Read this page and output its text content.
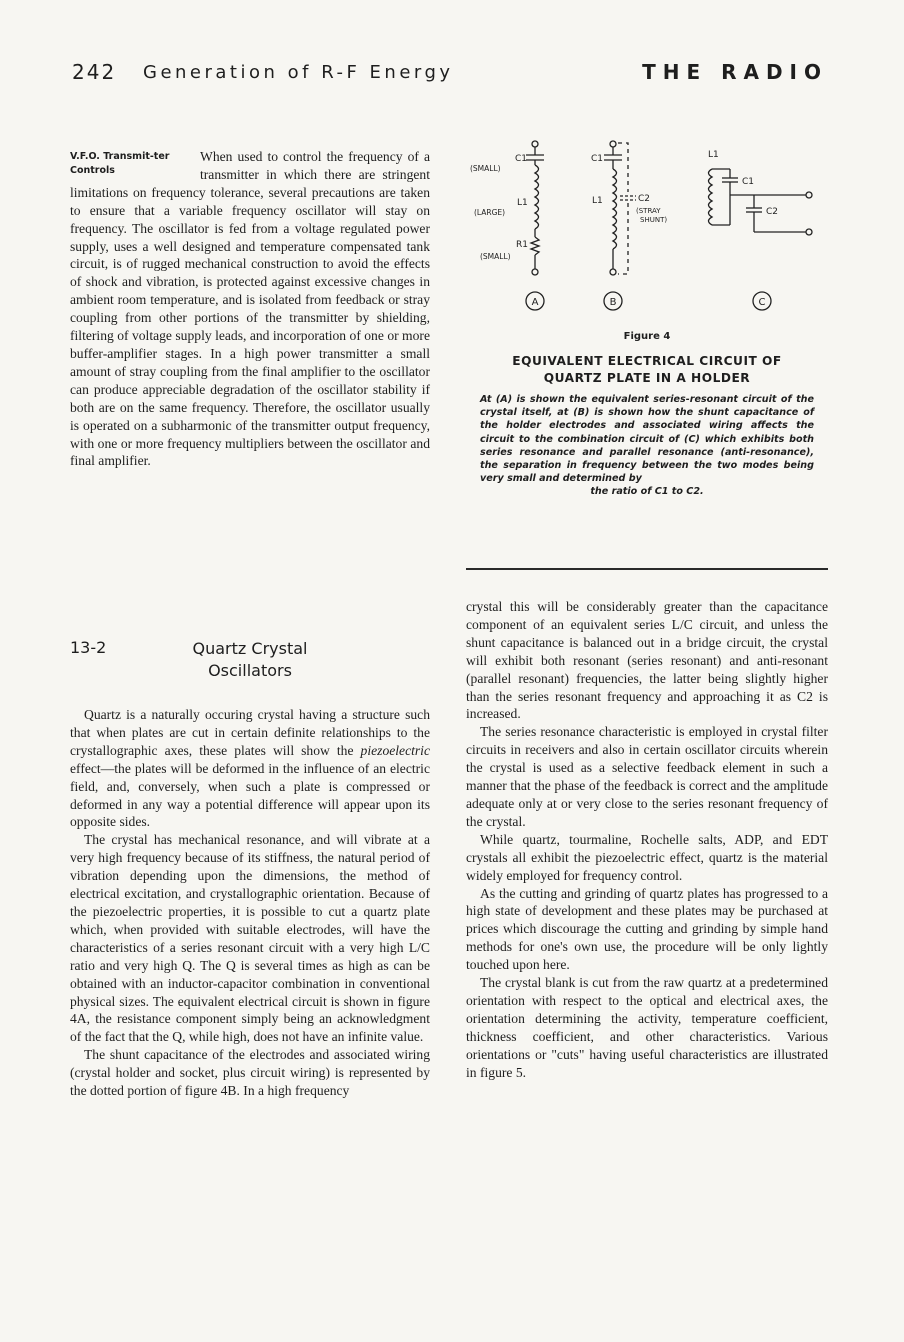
242 Generation of R-F Energy	THE RADIO
V.F.O. Transmit-ter Controls
When used to control the frequency of a transmitter in which there are stringent limitations on frequency tolerance, several precautions are taken to ensure that a variable frequency oscillator will stay on frequency. The oscillator is fed from a voltage regulated power supply, uses a well designed and temperature compensated tank circuit, is of rugged mechanical construction to avoid the effects of shock and vibration, is protected against excessive changes in ambient room temperature, and is isolated from feedback or stray coupling from other portions of the transmitter by shielding, filtering of voltage supply leads, and incorporation of one or more buffer-amplifier stages. In a high power transmitter a small amount of stray coupling from the final amplifier to the oscillator can produce appreciable degradation of the oscillator stability if both are on the same frequency. Therefore, the oscillator usually is operated on a subharmonic of the transmitter output frequency, with one or more frequency multipliers between the oscillator and final amplifier.
13-2	Quartz Crystal
Oscillators

Quartz is a naturally occuring crystal having a structure such that when plates are cut in certain definite relationships to the crystallographic axes, these plates will show the piezoelectric effect—the plates will be deformed in the influence of an electric field, and, conversely, when such a plate is compressed or deformed in any way a potential difference will appear upon its opposite sides.

The crystal has mechanical resonance, and will vibrate at a very high frequency because of its stiffness, the natural period of vibration depending upon the dimensions, the method of electrical excitation, and crystallographic orientation. Because of the piezoelectric properties, it is possible to cut a quartz plate which, when provided with suitable electrodes, will have the characteristics of a series resonant circuit with a very high L/C ratio and very high Q. The Q is several times as high as can be obtained with an inductor-capacitor combination in conventional physical sizes. The equivalent electrical circuit is shown in figure 4A, the resistance component simply being an acknowledgment of the fact that the Q, while high, does not have an infinite value.

The shunt capacitance of the electrodes and associated wiring (crystal holder and socket, plus circuit wiring) is represented by the dotted portion of figure 4B. In a high frequency

C1
(SMALL)
L1
(LARGE)
R1
(SMALL)
A
C1
L1	C2
(STRAY
SHUNT)
B
L1
C1
C2
C
Figure 4
EQUIVALENT ELECTRICAL CIRCUIT OF
QUARTZ PLATE IN A HOLDER
At (A) is shown the equivalent series-resonant circuit of the crystal itself, at (B) is shown how the shunt capacitance of the holder electrodes and associated wiring affects the circuit to the combination circuit of (C) which exhibits both series resonance and parallel resonance (anti-resonance), the separation in frequency between the two modes being very small and determined by
the ratio of C1 to C2.

crystal this will be considerably greater than the capacitance component of an equivalent series L/C circuit, and unless the shunt capacitance is balanced out in a bridge circuit, the crystal will exhibit both resonant (series resonant) and anti-resonant (parallel resonant) frequencies, the latter being slightly higher than the series resonant frequency and approaching it as C2 is increased.

The series resonance characteristic is employed in crystal filter circuits in receivers and also in certain oscillator circuits wherein the crystal is used as a selective feedback element in such a manner that the phase of the feedback is correct and the amplitude adequate only at or very close to the series resonant frequency of the crystal.

While quartz, tourmaline, Rochelle salts, ADP, and EDT crystals all exhibit the piezoelectric effect, quartz is the material widely employed for frequency control.

As the cutting and grinding of quartz plates has progressed to a high state of development and these plates may be purchased at prices which discourage the cutting and grinding by simple hand methods for one's own use, the procedure will be only lightly touched upon here.

The crystal blank is cut from the raw quartz at a predetermined orientation with respect to the optical and electrical axes, the orientation determining the activity, temperature coefficient, thickness coefficient, and other characteristics. Various orientations or "cuts" having useful characteristics are illustrated in figure 5.
